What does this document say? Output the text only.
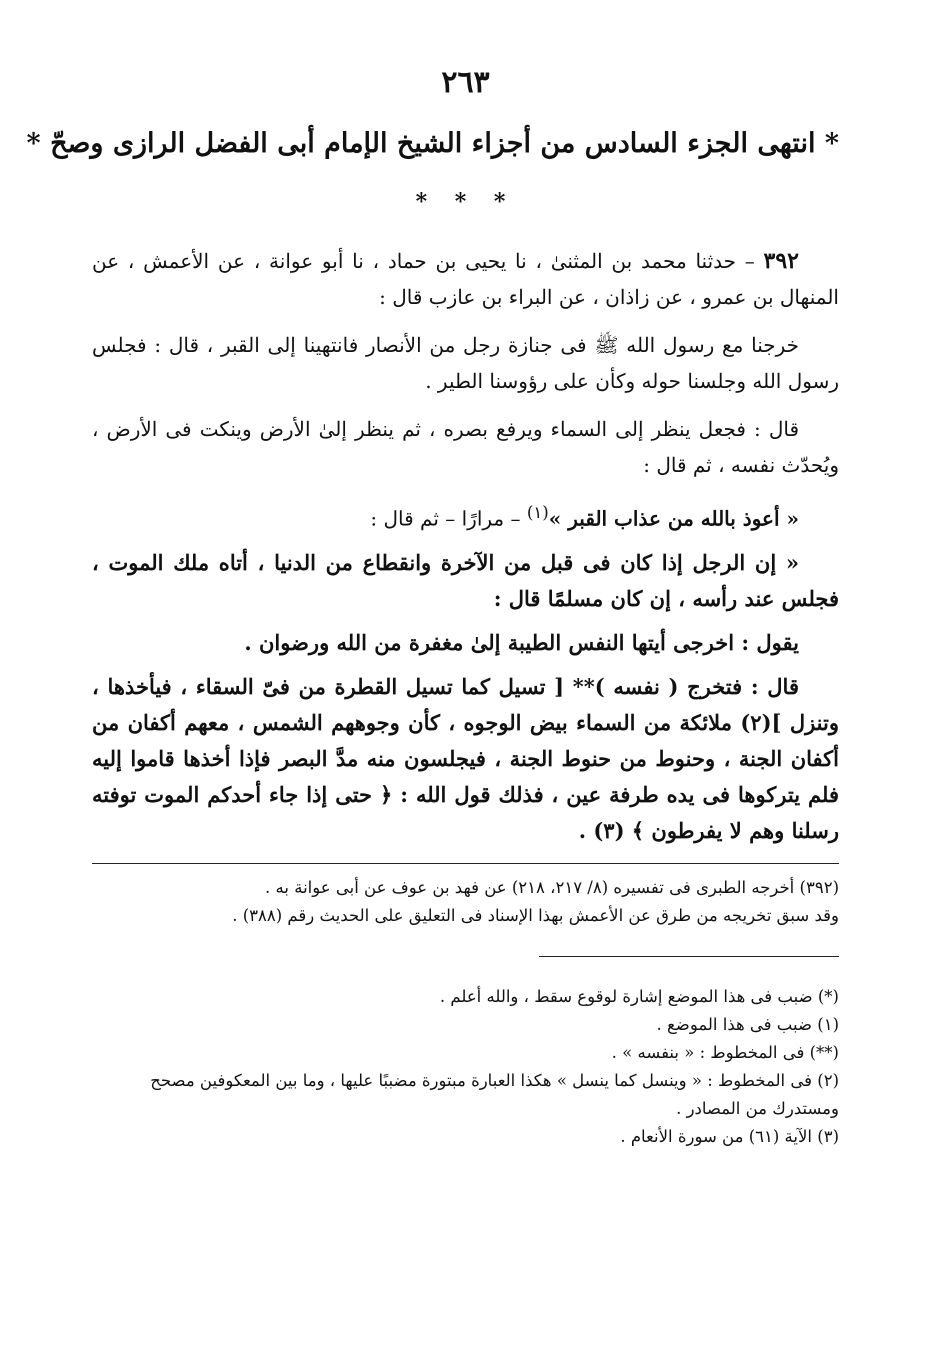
٢٦٣
* انتهى الجزء السادس من أجزاء الشيخ الإمام أبى الفضل الرازى وصحّ *
* * *

٣٩٢ – حدثنا محمد بن المثنىٰ ، نا يحيى بن حماد ، نا أبو عوانة ، عن الأعمش ، عن المنهال بن عمرو ، عن زاذان ، عن البراء بن عازب قال :

خرجنا مع رسول الله ﷺ فى جنازة رجل من الأنصار فانتهينا إلى القبر ، قال : فجلس رسول الله وجلسنا حوله وكأن على رؤوسنا الطير .

قال : فجعل ينظر إلى السماء ويرفع بصره ، ثم ينظر إلىٰ الأرض وينكت فى الأرض ، ويُحدّث نفسه ، ثم قال :

« أعوذ بالله من عذاب القبر »$^{(١)}$ – مرارًا – ثم قال :

« إن الرجل إذا كان فى قبل من الآخرة وانقطاع من الدنيا ، أتاه ملك الموت ، فجلس عند رأسه ، إن كان مسلمًا قال :

يقول : اخرجى أيتها النفس الطيبة إلىٰ مغفرة من الله ورضوان .

قال : فتخرج ( نفسه )** [ تسيل كما تسيل القطرة من فىّ السقاء ، فيأخذها ، وتنزل ](٢) ملائكة من السماء بيض الوجوه ، كأن وجوههم الشمس ، معهم أكفان من أكفان الجنة ، وحنوط من حنوط الجنة ، فيجلسون منه مدَّ البصر فإذا أخذها قاموا إليه فلم يتركوها فى يده طرفة عين ، فذلك قول الله : ﴿ حتى إذا جاء أحدكم الموت توفته رسلنا وهم لا يفرطون ﴾ (٣) .

(٣٩٢) أخرجه الطبرى فى تفسيره (٨/ ٢١٧، ٢١٨) عن فهد بن عوف عن أبى عوانة به .

وقد سبق تخريجه من طرق عن الأعمش بهذا الإسناد فى التعليق على الحديث رقم (٣٨٨) .

(*) ضبب فى هذا الموضع إشارة لوقوع سقط ، والله أعلم .

(١) ضبب فى هذا الموضع .

(**) فى المخطوط : « بنفسه » .

(٢) فى المخطوط : « وينسل كما ينسل » هكذا العبارة مبتورة مضببًا عليها ، وما بين المعكوفين مصحح ومستدرك من المصادر .

(٣) الآية (٦١) من سورة الأنعام .
